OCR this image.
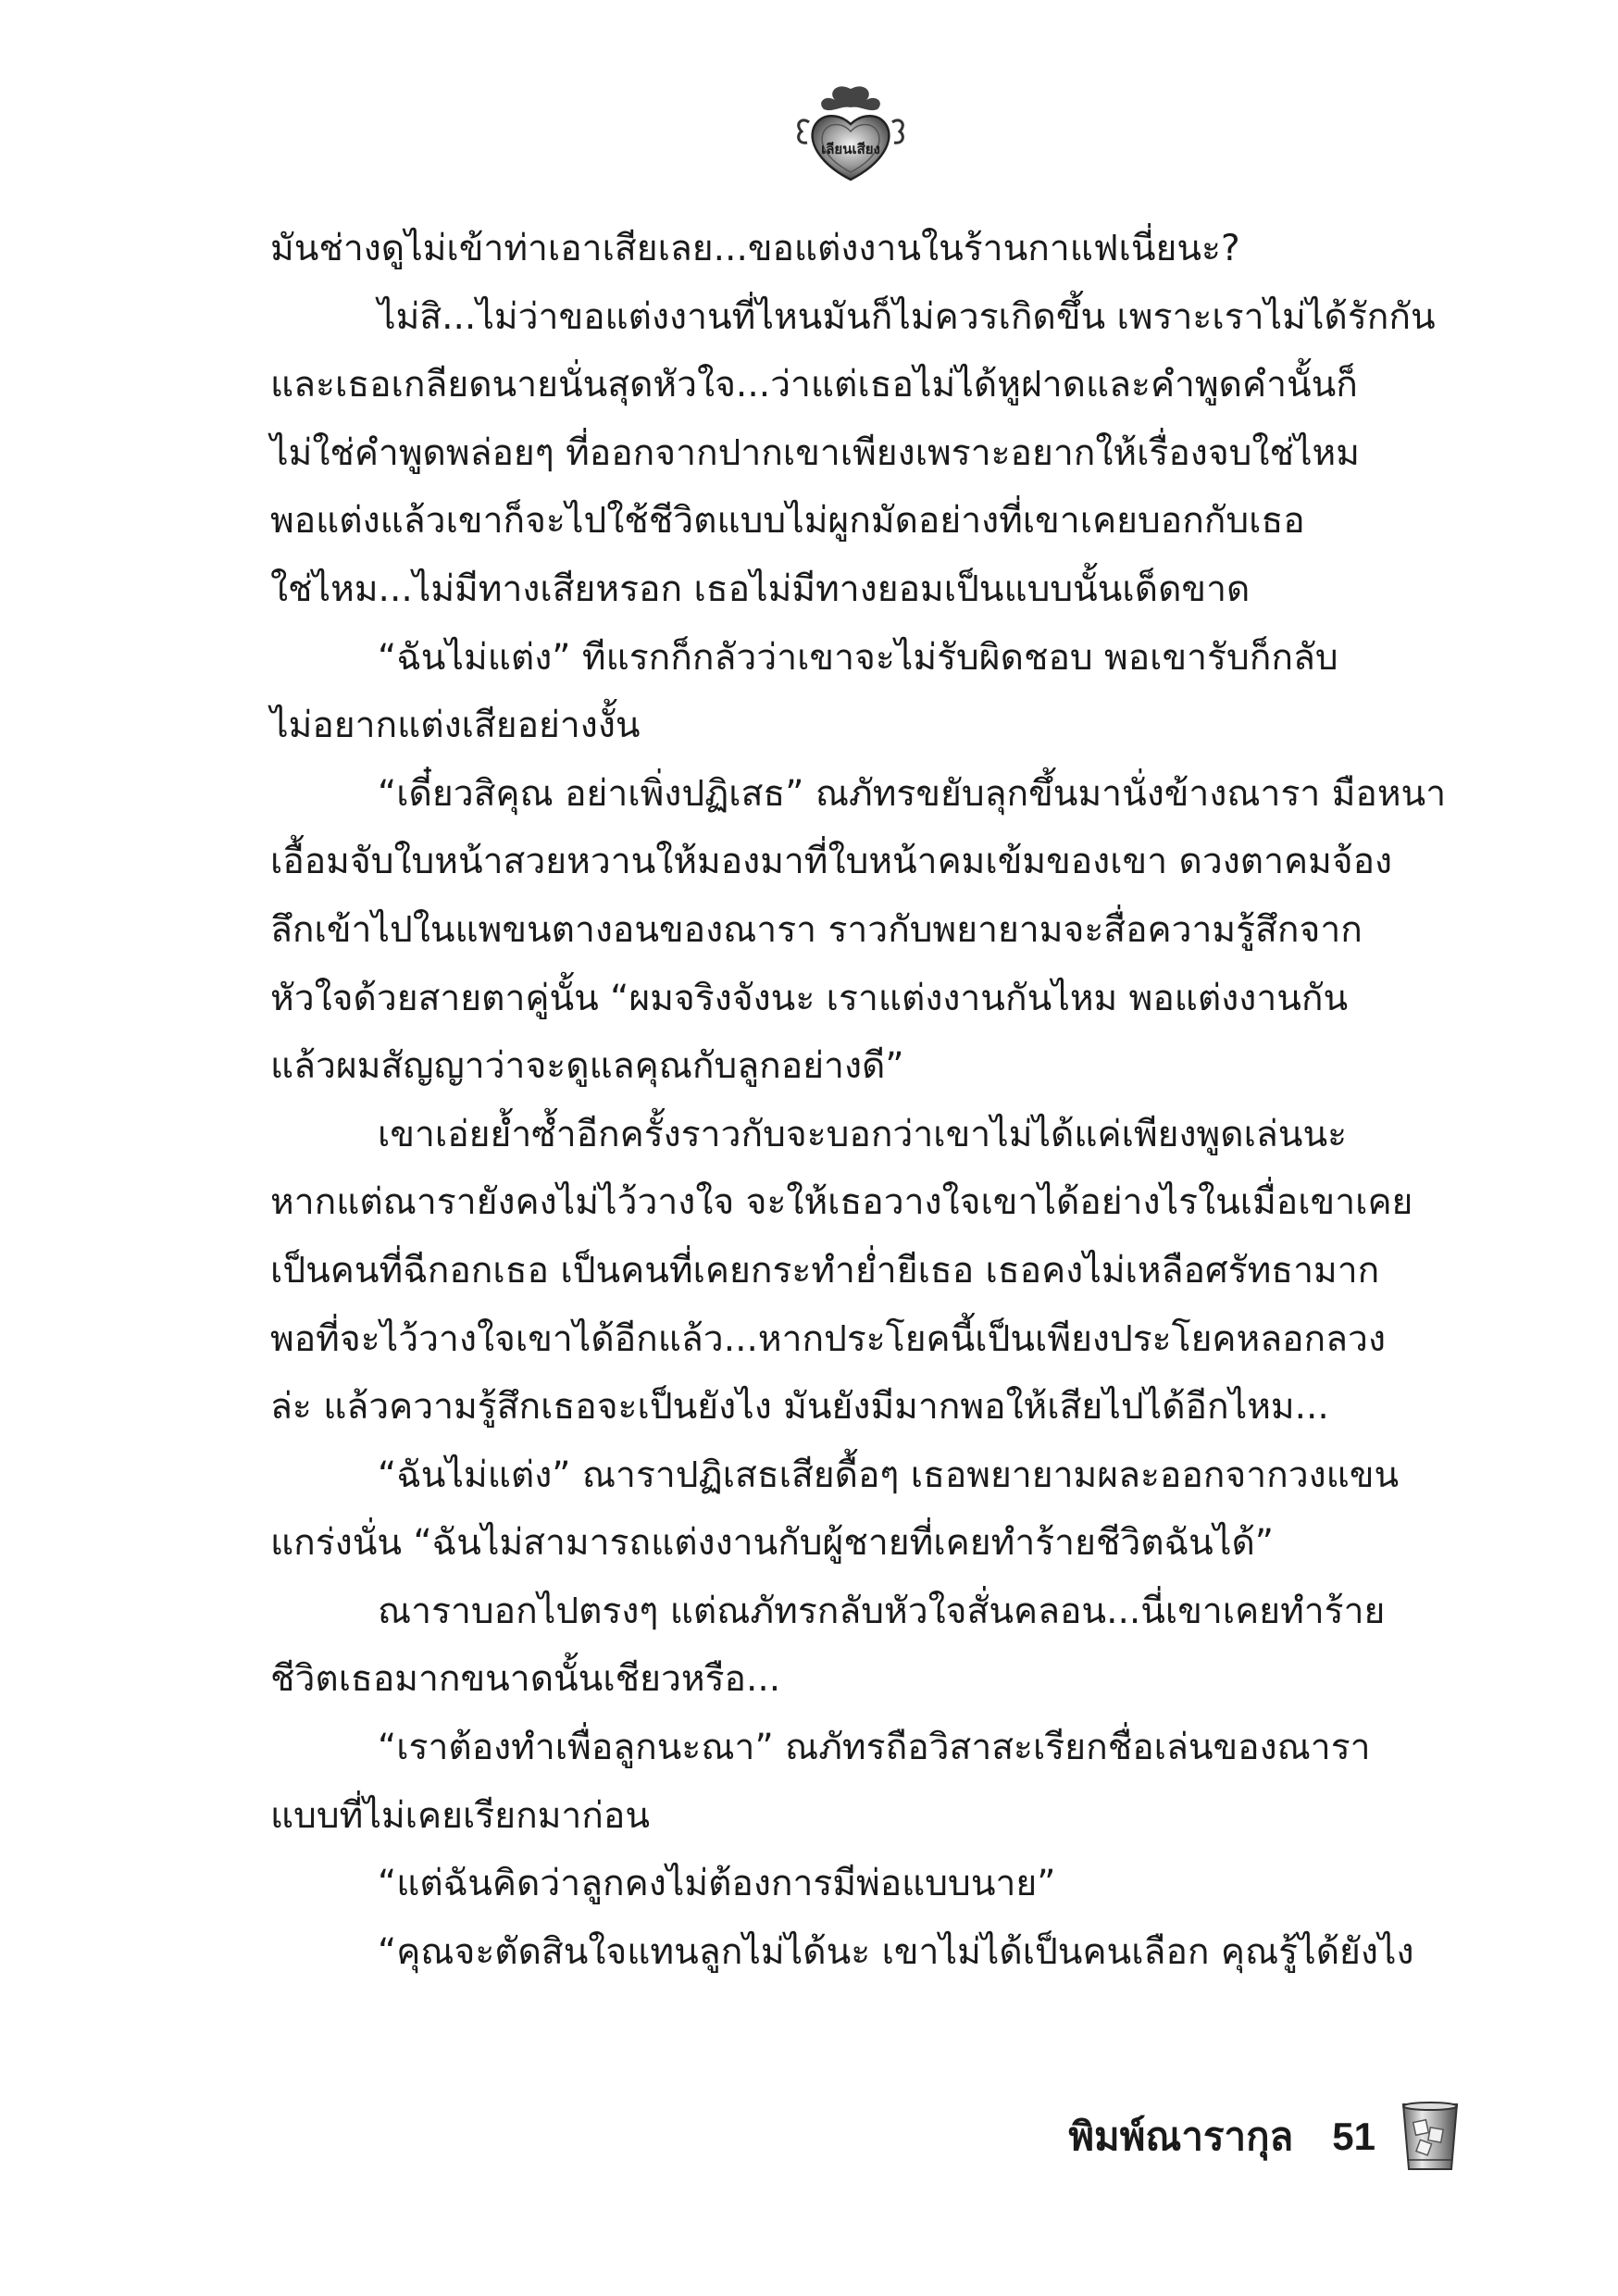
เลียนเสียง

มันช่างดูไม่เข้าท่าเอาเสียเลย...ขอแต่งงานในร้านกาแฟเนี่ยนะ?

ไม่สิ...ไม่ว่าขอแต่งงานที่ไหนมันก็ไม่ควรเกิดขึ้น เพราะเราไม่ได้รักกัน

และเธอเกลียดนายนั่นสุดหัวใจ...ว่าแต่เธอไม่ได้หูฝาดและคำพูดคำนั้นก็

ไม่ใช่คำพูดพล่อยๆ ที่ออกจากปากเขาเพียงเพราะอยากให้เรื่องจบใช่ไหม

พอแต่งแล้วเขาก็จะไปใช้ชีวิตแบบไม่ผูกมัดอย่างที่เขาเคยบอกกับเธอ

ใช่ไหม...ไม่มีทางเสียหรอก เธอไม่มีทางยอมเป็นแบบนั้นเด็ดขาด

“ฉันไม่แต่ง” ทีแรกก็กลัวว่าเขาจะไม่รับผิดชอบ พอเขารับก็กลับ

ไม่อยากแต่งเสียอย่างงั้น

“เดี๋ยวสิคุณ อย่าเพิ่งปฏิเสธ” ณภัทรขยับลุกขึ้นมานั่งข้างณารา มือหนา

เอื้อมจับใบหน้าสวยหวานให้มองมาที่ใบหน้าคมเข้มของเขา ดวงตาคมจ้อง

ลึกเข้าไปในแพขนตางอนของณารา ราวกับพยายามจะสื่อความรู้สึกจาก

หัวใจด้วยสายตาคู่นั้น “ผมจริงจังนะ เราแต่งงานกันไหม พอแต่งงานกัน

แล้วผมสัญญาว่าจะดูแลคุณกับลูกอย่างดี”

เขาเอ่ยย้ำซ้ำอีกครั้งราวกับจะบอกว่าเขาไม่ได้แค่เพียงพูดเล่นนะ

หากแต่ณารายังคงไม่ไว้วางใจ จะให้เธอวางใจเขาได้อย่างไรในเมื่อเขาเคย

เป็นคนที่ฉีกอกเธอ เป็นคนที่เคยกระทำย่ำยีเธอ เธอคงไม่เหลือศรัทธามาก

พอที่จะไว้วางใจเขาได้อีกแล้ว...หากประโยคนี้เป็นเพียงประโยคหลอกลวง

ล่ะ แล้วความรู้สึกเธอจะเป็นยังไง มันยังมีมากพอให้เสียไปได้อีกไหม...

“ฉันไม่แต่ง” ณาราปฏิเสธเสียดื้อๆ เธอพยายามผละออกจากวงแขน

แกร่งนั่น “ฉันไม่สามารถแต่งงานกับผู้ชายที่เคยทำร้ายชีวิตฉันได้”

ณาราบอกไปตรงๆ แต่ณภัทรกลับหัวใจสั่นคลอน...นี่เขาเคยทำร้าย

ชีวิตเธอมากขนาดนั้นเชียวหรือ...

“เราต้องทำเพื่อลูกนะณา” ณภัทรถือวิสาสะเรียกชื่อเล่นของณารา

แบบที่ไม่เคยเรียกมาก่อน

“แต่ฉันคิดว่าลูกคงไม่ต้องการมีพ่อแบบนาย”

“คุณจะตัดสินใจแทนลูกไม่ได้นะ เขาไม่ได้เป็นคนเลือก คุณรู้ได้ยังไง

พิมพ์ณารากุล 51
